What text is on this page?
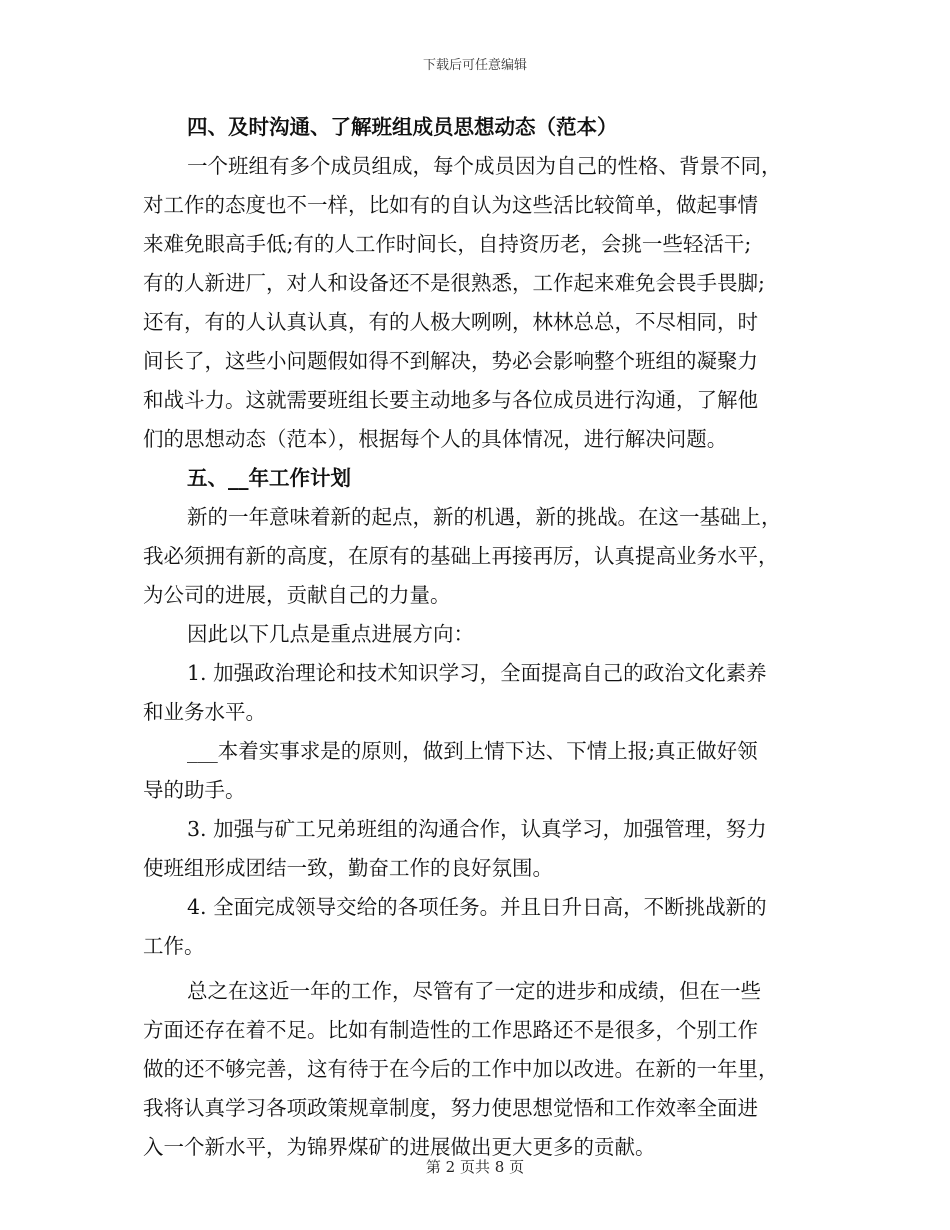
下载后可任意编辑
四、及时沟通、了解班组成员思想动态（范本）
一个班组有多个成员组成，每个成员因为自己的性格、背景不同，
对工作的态度也不一样，比如有的自认为这些活比较简单，做起事情
来难免眼高手低;有的人工作时间长，自持资历老，会挑一些轻活干;
有的人新进厂，对人和设备还不是很熟悉，工作起来难免会畏手畏脚;
还有，有的人认真认真，有的人极大咧咧，林林总总，不尽相同，时
间长了，这些小问题假如得不到解决，势必会影响整个班组的凝聚力
和战斗力。这就需要班组长要主动地多与各位成员进行沟通，了解他
们的思想动态（范本），根据每个人的具体情况，进行解决问题。
五、__年工作计划
新的一年意味着新的起点，新的机遇，新的挑战。在这一基础上，
我必须拥有新的高度，在原有的基础上再接再厉，认真提高业务水平，
为公司的进展，贡献自己的力量。
因此以下几点是重点进展方向：
1. 加强政治理论和技术知识学习，全面提高自己的政治文化素养
和业务水平。
___本着实事求是的原则，做到上情下达、下情上报;真正做好领
导的助手。
3. 加强与矿工兄弟班组的沟通合作，认真学习，加强管理，努力
使班组形成团结一致，勤奋工作的良好氛围。
4. 全面完成领导交给的各项任务。并且日升日高，不断挑战新的
工作。
总之在这近一年的工作，尽管有了一定的进步和成绩，但在一些
方面还存在着不足。比如有制造性的工作思路还不是很多，个别工作
做的还不够完善，这有待于在今后的工作中加以改进。在新的一年里，
我将认真学习各项政策规章制度，努力使思想觉悟和工作效率全面进
入一个新水平，为锦界煤矿的进展做出更大更多的贡献。
第 2 页共 8 页
